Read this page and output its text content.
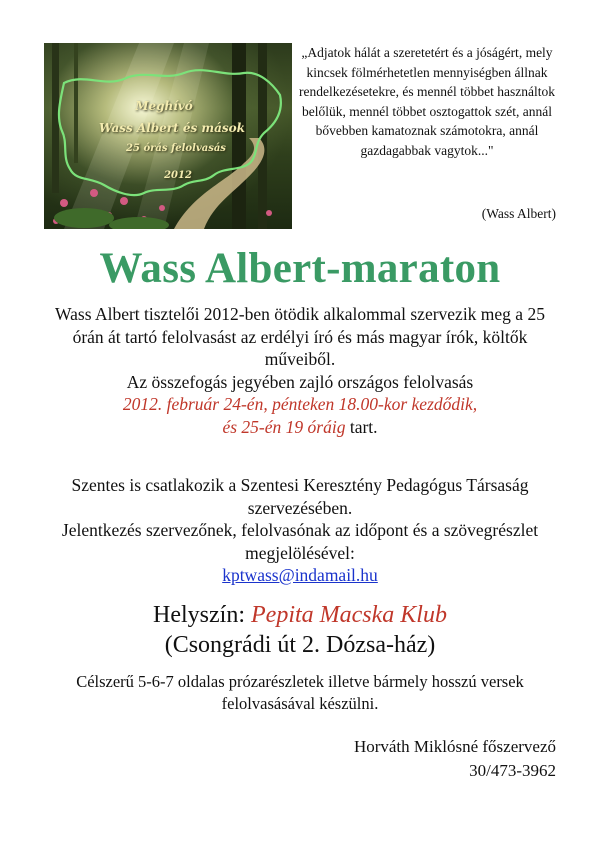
Meghívó
Wass Albert és mások
25 órás felolvasás
2012
„Adjatok hálát a szeretetért és a jóságért, mely kincsek fölmérhetetlen mennyiségben állnak rendelkezésetekre, és mennél többet használtok belőlük, mennél többet osztogattok szét, annál bővebben kamatoznak számotokra, annál gazdagabbak vagytok..."
(Wass Albert)
Wass Albert-maraton
Wass Albert tisztelői 2012-ben ötödik alkalommal szervezik meg a 25 órán át tartó felolvasást az erdélyi író és más magyar írók, költők műveiből.
Az összefogás jegyében zajló országos felolvasás
2012. február 24-én, pénteken 18.00-kor kezdődik,
és 25-én 19 óráig tart.
Szentes is csatlakozik a Szentesi Keresztény Pedagógus Társaság szervezésében.
Jelentkezés szervezőnek, felolvasónak az időpont és a szövegrészlet megjelölésével:
kptwass@indamail.hu
Helyszín: Pepita Macska Klub
(Csongrádi út 2. Dózsa-ház)
Célszerű 5-6-7 oldalas prózarészletek illetve bármely hosszú versek felolvasásával készülni.
Horváth Miklósné főszervező
30/473-3962
